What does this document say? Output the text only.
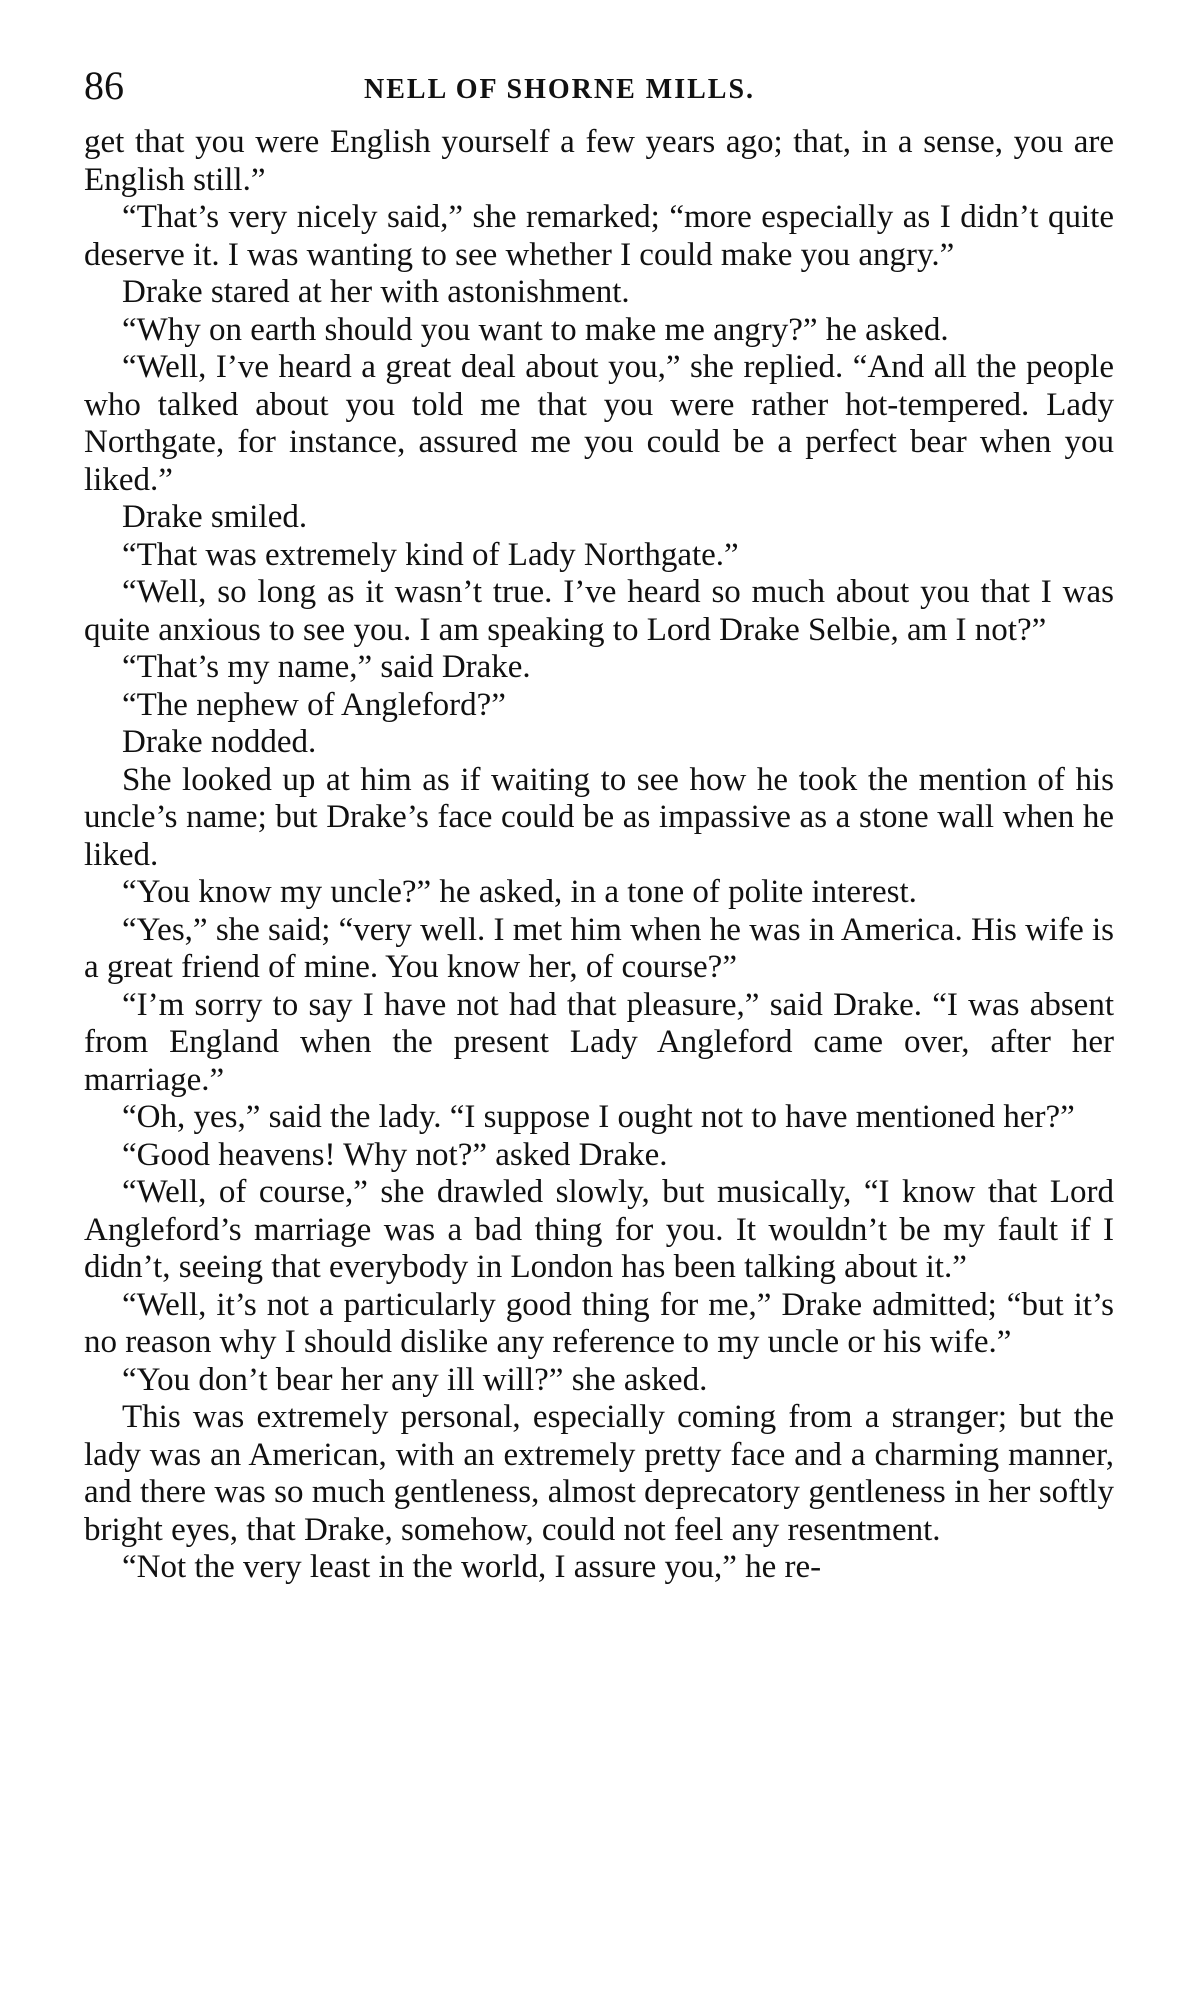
86	NELL OF SHORNE MILLS.

get that you were English yourself a few years ago; that, in a sense, you are English still.”

“That’s very nicely said,” she remarked; “more especially as I didn’t quite deserve it. I was wanting to see whether I could make you angry.”

Drake stared at her with astonishment.

“Why on earth should you want to make me angry?” he asked.

“Well, I’ve heard a great deal about you,” she replied. “And all the people who talked about you told me that you were rather hot-tempered. Lady Northgate, for instance, assured me you could be a perfect bear when you liked.”

Drake smiled.

“That was extremely kind of Lady Northgate.”

“Well, so long as it wasn’t true. I’ve heard so much about you that I was quite anxious to see you. I am speaking to Lord Drake Selbie, am I not?”

“That’s my name,” said Drake.

“The nephew of Angleford?”

Drake nodded.

She looked up at him as if waiting to see how he took the mention of his uncle’s name; but Drake’s face could be as impassive as a stone wall when he liked.

“You know my uncle?” he asked, in a tone of polite interest.

“Yes,” she said; “very well. I met him when he was in America. His wife is a great friend of mine. You know her, of course?”

“I’m sorry to say I have not had that pleasure,” said Drake. “I was absent from England when the present Lady Angleford came over, after her marriage.”

“Oh, yes,” said the lady. “I suppose I ought not to have mentioned her?”

“Good heavens! Why not?” asked Drake.

“Well, of course,” she drawled slowly, but musically, “I know that Lord Angleford’s marriage was a bad thing for you. It wouldn’t be my fault if I didn’t, seeing that everybody in London has been talking about it.”

“Well, it’s not a particularly good thing for me,” Drake admitted; “but it’s no reason why I should dislike any reference to my uncle or his wife.”

“You don’t bear her any ill will?” she asked.

This was extremely personal, especially coming from a stranger; but the lady was an American, with an extremely pretty face and a charming manner, and there was so much gentleness, almost deprecatory gentleness in her softly bright eyes, that Drake, somehow, could not feel any resentment.

“Not the very least in the world, I assure you,” he re-
